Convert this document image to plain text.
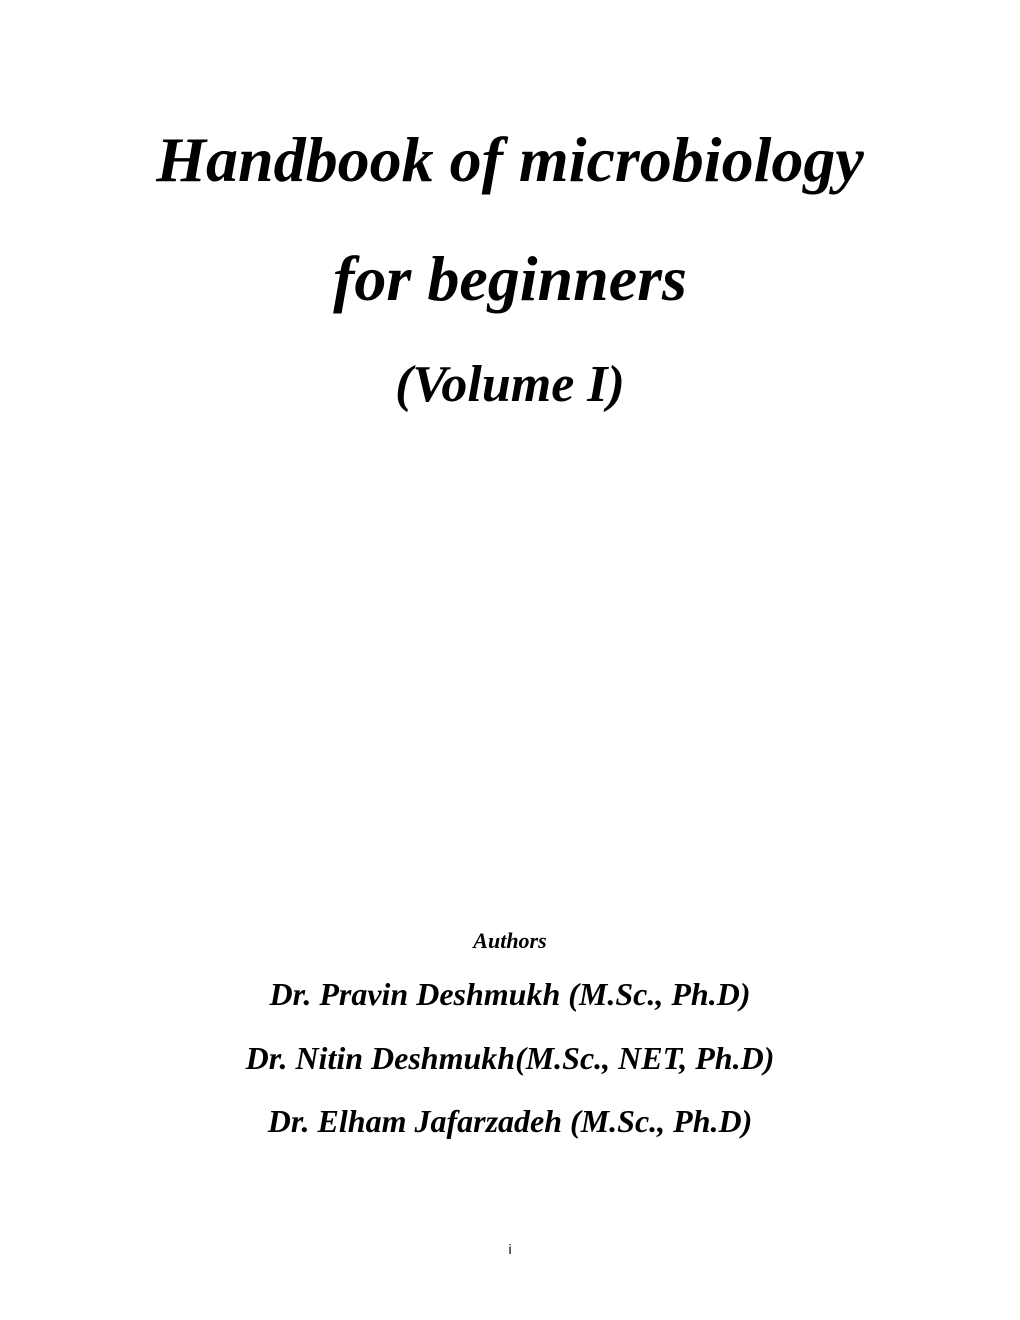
Handbook of microbiology
for beginners
(Volume I)
Authors
Dr. Pravin Deshmukh (M.Sc., Ph.D)
Dr. Nitin Deshmukh(M.Sc., NET, Ph.D)
Dr. Elham Jafarzadeh (M.Sc., Ph.D)
i
